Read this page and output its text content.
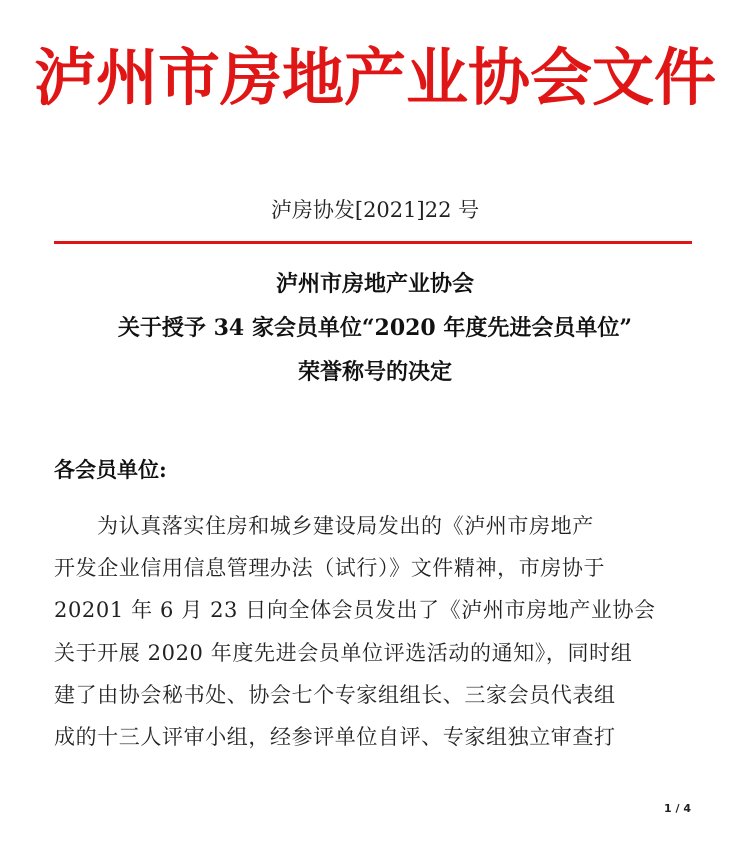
泸州市房地产业协会文件
泸房协发[2021]22 号
泸州市房地产业协会
关于授予 34 家会员单位“2020 年度先进会员单位”
荣誉称号的决定
各会员单位:
为认真落实住房和城乡建设局发出的《泸州市房地产
开发企业信用信息管理办法（试行）》文件精神，市房协于
20201 年 6 月 23 日向全体会员发出了《泸州市房地产业协会
关于开展 2020 年度先进会员单位评选活动的通知》，同时组
建了由协会秘书处、协会七个专家组组长、三家会员代表组
成的十三人评审小组，经参评单位自评、专家组独立审查打
1 / 4
